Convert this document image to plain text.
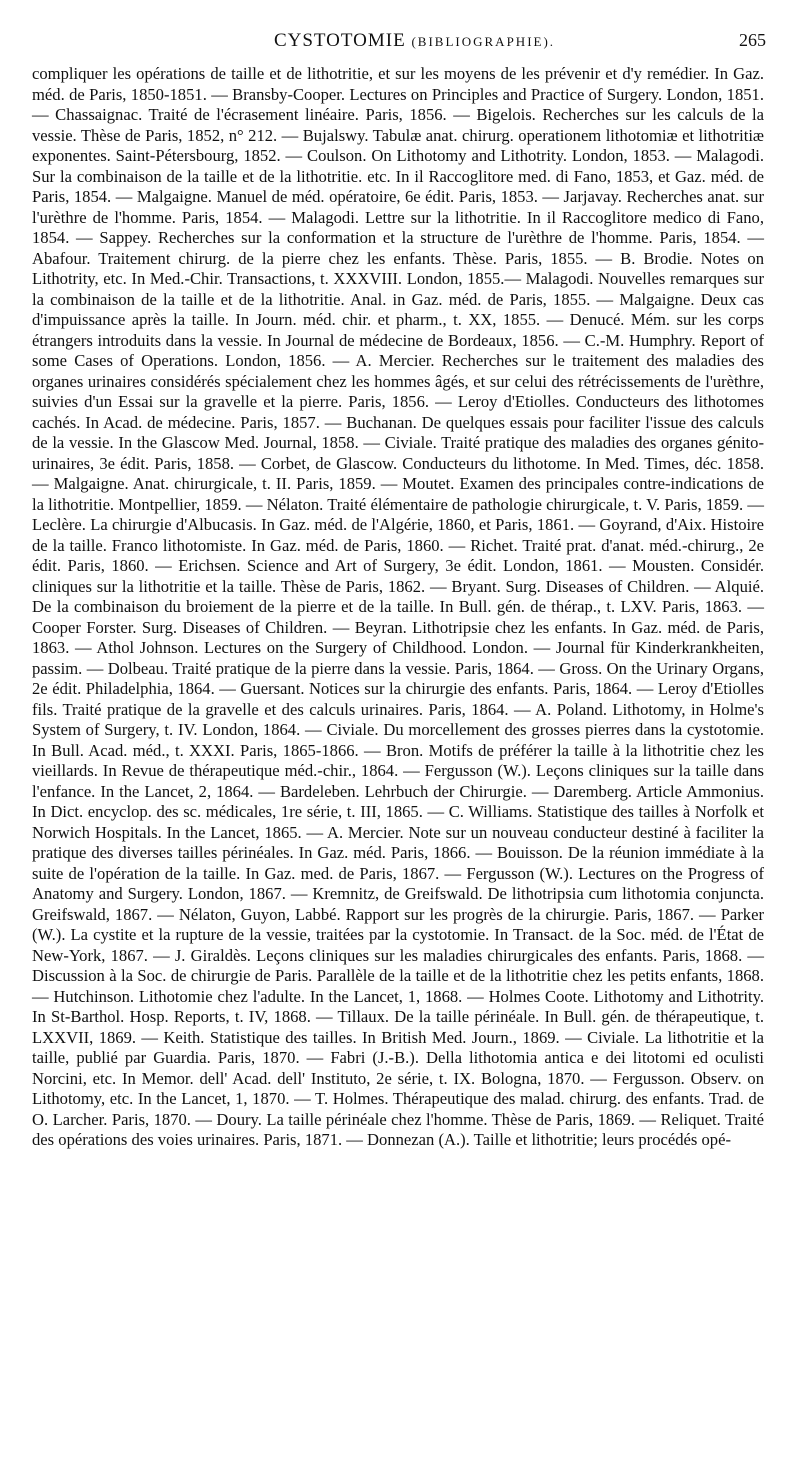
CYSTOTOMIE (BIBLIOGRAPHIE).	265
compliquer les opérations de taille et de lithotritie, et sur les moyens de les prévenir et d'y remédier. In Gaz. méd. de Paris, 1850-1851. — Bransby-Cooper. Lectures on Principles and Practice of Surgery. London, 1851. — Chassaignac. Traité de l'écrasement linéaire. Paris, 1856. — Bigelois. Recherches sur les calculs de la vessie. Thèse de Paris, 1852, n° 212. — Bujalswy. Tabulæ anat. chirurg. operationem lithotomiæ et lithotritiæ exponentes. Saint-Pétersbourg, 1852. — Coulson. On Lithotomy and Lithotrity. London, 1853. — Malagodi. Sur la combinaison de la taille et de la lithotritie. etc. In il Raccoglitore med. di Fano, 1853, et Gaz. méd. de Paris, 1854. — Malgaigne. Manuel de méd. opératoire, 6e édit. Paris, 1853. — Jarjavay. Recherches anat. sur l'urèthre de l'homme. Paris, 1854. — Malagodi. Lettre sur la lithotritie. In il Raccoglitore medico di Fano, 1854. — Sappey. Recherches sur la conformation et la structure de l'urèthre de l'homme. Paris, 1854. — Abafour. Traitement chirurg. de la pierre chez les enfants. Thèse. Paris, 1855. — B. Brodie. Notes on Lithotrity, etc. In Med.-Chir. Transactions, t. XXXVIII. London, 1855.— Malagodi. Nouvelles remarques sur la combinaison de la taille et de la lithotritie. Anal. in Gaz. méd. de Paris, 1855. — Malgaigne. Deux cas d'impuissance après la taille. In Journ. méd. chir. et pharm., t. XX, 1855. — Denucé. Mém. sur les corps étrangers introduits dans la vessie. In Journal de médecine de Bordeaux, 1856. — C.-M. Humphry. Report of some Cases of Operations. London, 1856. — A. Mercier. Recherches sur le traitement des maladies des organes urinaires considérés spécialement chez les hommes âgés, et sur celui des rétrécissements de l'urèthre, suivies d'un Essai sur la gravelle et la pierre. Paris, 1856. — Leroy d'Etiolles. Conducteurs des lithotomes cachés. In Acad. de médecine. Paris, 1857. — Buchanan. De quelques essais pour faciliter l'issue des calculs de la vessie. In the Glascow Med. Journal, 1858. — Civiale. Traité pratique des maladies des organes génito-urinaires, 3e édit. Paris, 1858. — Corbet, de Glascow. Conducteurs du lithotome. In Med. Times, déc. 1858. — Malgaigne. Anat. chirurgicale, t. II. Paris, 1859. — Moutet. Examen des principales contre-indications de la lithotritie. Montpellier, 1859. — Nélaton. Traité élémentaire de pathologie chirurgicale, t. V. Paris, 1859. — Leclère. La chirurgie d'Albucasis. In Gaz. méd. de l'Algérie, 1860, et Paris, 1861. — Goyrand, d'Aix. Histoire de la taille. Franco lithotomiste. In Gaz. méd. de Paris, 1860. — Richet. Traité prat. d'anat. méd.-chirurg., 2e édit. Paris, 1860. — Erichsen. Science and Art of Surgery, 3e édit. London, 1861. — Mousten. Considér. cliniques sur la lithotritie et la taille. Thèse de Paris, 1862. — Bryant. Surg. Diseases of Children. — Alquié. De la combinaison du broiement de la pierre et de la taille. In Bull. gén. de thérap., t. LXV. Paris, 1863. — Cooper Forster. Surg. Diseases of Children. — Beyran. Lithotripsie chez les enfants. In Gaz. méd. de Paris, 1863. — Athol Johnson. Lectures on the Surgery of Childhood. London. — Journal für Kinderkrankheiten, passim. — Dolbeau. Traité pratique de la pierre dans la vessie. Paris, 1864. — Gross. On the Urinary Organs, 2e édit. Philadelphia, 1864. — Guersant. Notices sur la chirurgie des enfants. Paris, 1864. — Leroy d'Etiolles fils. Traité pratique de la gravelle et des calculs urinaires. Paris, 1864. — A. Poland. Lithotomy, in Holme's System of Surgery, t. IV. London, 1864. — Civiale. Du morcellement des grosses pierres dans la cystotomie. In Bull. Acad. méd., t. XXXI. Paris, 1865-1866. — Bron. Motifs de préférer la taille à la lithotritie chez les vieillards. In Revue de thérapeutique méd.-chir., 1864. — Fergusson (W.). Leçons cliniques sur la taille dans l'enfance. In the Lancet, 2, 1864. — Bardeleben. Lehrbuch der Chirurgie. — Daremberg. Article Ammonius. In Dict. encyclop. des sc. médicales, 1re série, t. III, 1865. — C. Williams. Statistique des tailles à Norfolk et Norwich Hospitals. In the Lancet, 1865. — A. Mercier. Note sur un nouveau conducteur destiné à faciliter la pratique des diverses tailles périnéales. In Gaz. méd. Paris, 1866. — Bouisson. De la réunion immédiate à la suite de l'opération de la taille. In Gaz. med. de Paris, 1867. — Fergusson (W.). Lectures on the Progress of Anatomy and Surgery. London, 1867. — Kremnitz, de Greifswald. De lithotripsia cum lithotomia conjuncta. Greifswald, 1867. — Nélaton, Guyon, Labbé. Rapport sur les progrès de la chirurgie. Paris, 1867. — Parker (W.). La cystite et la rupture de la vessie, traitées par la cystotomie. In Transact. de la Soc. méd. de l'État de New-York, 1867. — J. Giraldès. Leçons cliniques sur les maladies chirurgicales des enfants. Paris, 1868. — Discussion à la Soc. de chirurgie de Paris. Parallèle de la taille et de la lithotritie chez les petits enfants, 1868. — Hutchinson. Lithotomie chez l'adulte. In the Lancet, 1, 1868. — Holmes Coote. Lithotomy and Lithotrity. In St-Barthol. Hosp. Reports, t. IV, 1868. — Tillaux. De la taille périnéale. In Bull. gén. de thérapeutique, t. LXXVII, 1869. — Keith. Statistique des tailles. In British Med. Journ., 1869. — Civiale. La lithotritie et la taille, publié par Guardia. Paris, 1870. — Fabri (J.-B.). Della lithotomia antica e dei litotomi ed oculisti Norcini, etc. In Memor. dell' Acad. dell' Instituto, 2e série, t. IX. Bologna, 1870. — Fergusson. Observ. on Lithotomy, etc. In the Lancet, 1, 1870. — T. Holmes. Thérapeutique des malad. chirurg. des enfants. Trad. de O. Larcher. Paris, 1870. — Doury. La taille périnéale chez l'homme. Thèse de Paris, 1869. — Reliquet. Traité des opérations des voies urinaires. Paris, 1871. — Donnezan (A.). Taille et lithotritie; leurs procédés opé-
